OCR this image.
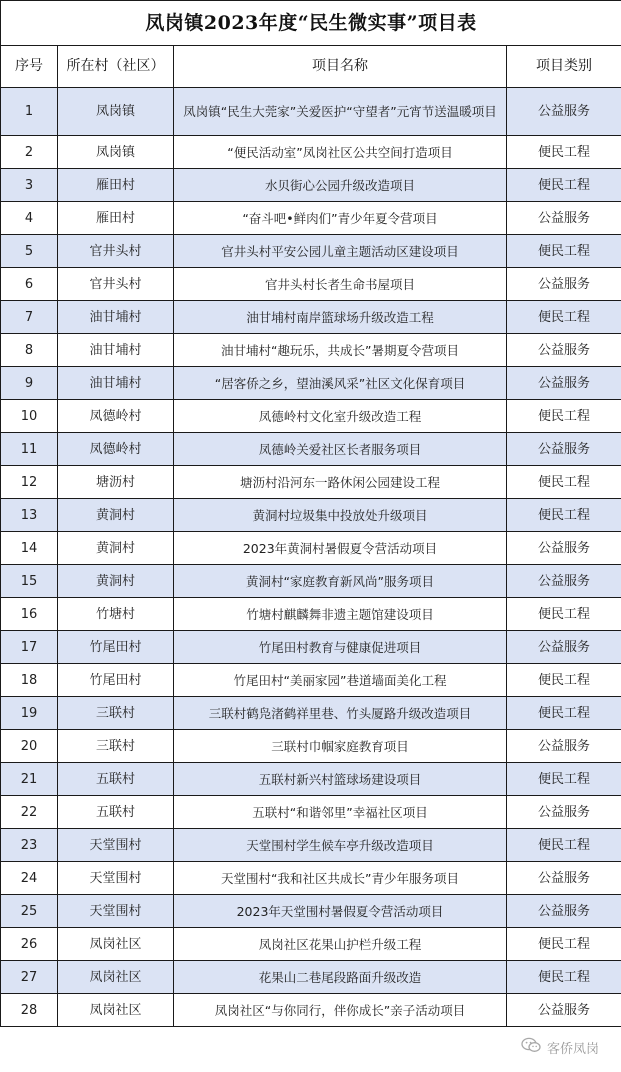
凤岗镇2023年度“民生微实事”项目表			
序号	所在村（社区）	项目名称	项目类别
1	凤岗镇	凤岗镇“民生大莞家”关爱医护“守望者”元宵节送温暖项目	公益服务
2	凤岗镇	“便民活动室”凤岗社区公共空间打造项目	便民工程
3	雁田村	水贝街心公园升级改造项目	便民工程
4	雁田村	“奋斗吧•鲜肉们”青少年夏令营项目	公益服务
5	官井头村	官井头村平安公园儿童主题活动区建设项目	便民工程
6	官井头村	官井头村长者生命书屋项目	公益服务
7	油甘埔村	油甘埔村南岸篮球场升级改造工程	便民工程
8	油甘埔村	油甘埔村“趣玩乐，共成长”暑期夏令营项目	公益服务
9	油甘埔村	“居客侨之乡，望油溪风采”社区文化保育项目	公益服务
10	凤德岭村	凤德岭村文化室升级改造工程	便民工程
11	凤德岭村	凤德岭关爱社区长者服务项目	公益服务
12	塘沥村	塘沥村沿河东一路休闲公园建设工程	便民工程
13	黄洞村	黄洞村垃圾集中投放处升级项目	便民工程
14	黄洞村	2023年黄洞村暑假夏令营活动项目	公益服务
15	黄洞村	黄洞村“家庭教育新风尚”服务项目	公益服务
16	竹塘村	竹塘村麒麟舞非遗主题馆建设项目	便民工程
17	竹尾田村	竹尾田村教育与健康促进项目	公益服务
18	竹尾田村	竹尾田村“美丽家园”巷道墙面美化工程	便民工程
19	三联村	三联村鹤凫渚鹤祥里巷、竹头厦路升级改造项目	便民工程
20	三联村	三联村巾帼家庭教育项目	公益服务
21	五联村	五联村新兴村篮球场建设项目	便民工程
22	五联村	五联村“和谐邻里”幸福社区项目	公益服务
23	天堂围村	天堂围村学生候车亭升级改造项目	便民工程
24	天堂围村	天堂围村“我和社区共成长”青少年服务项目	公益服务
25	天堂围村	2023年天堂围村暑假夏令营活动项目	公益服务
26	凤岗社区	凤岗社区花果山护栏升级工程	便民工程
27	凤岗社区	花果山二巷尾段路面升级改造	便民工程
28	凤岗社区	凤岗社区“与你同行，伴你成长”亲子活动项目	公益服务
客侨凤岗
